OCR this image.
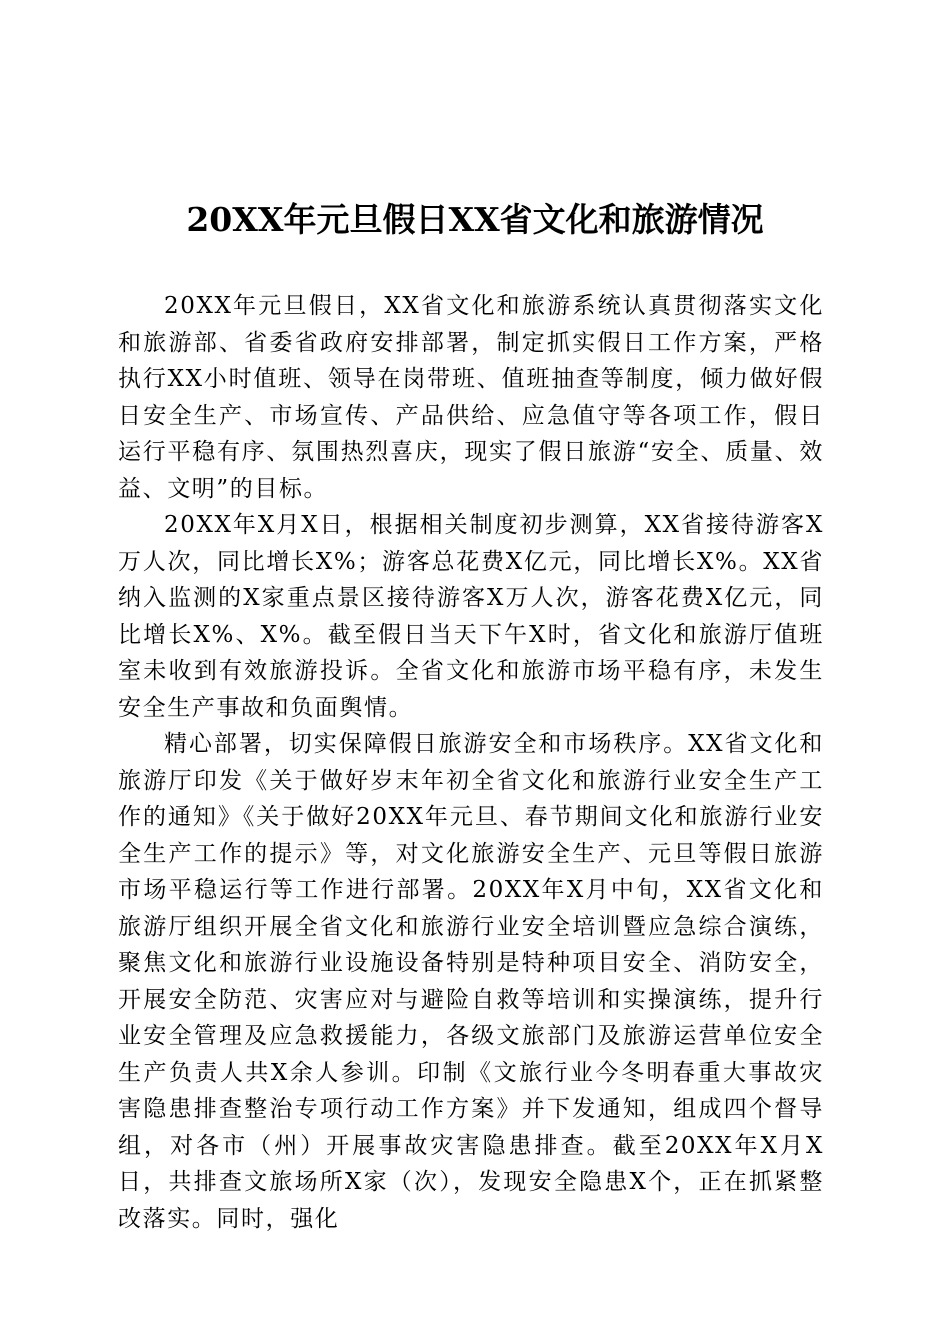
20XX年元旦假日XX省文化和旅游情况

20XX年元旦假日，XX省文化和旅游系统认真贯彻落实文化和旅游部、省委省政府安排部署，制定抓实假日工作方案，严格执行XX小时值班、领导在岗带班、值班抽查等制度，倾力做好假日安全生产、市场宣传、产品供给、应急值守等各项工作，假日运行平稳有序、氛围热烈喜庆，现实了假日旅游“安全、质量、效益、文明”的目标。

20XX年X月X日，根据相关制度初步测算，XX省接待游客X万人次，同比增长X%；游客总花费X亿元，同比增长X%。XX省纳入监测的X家重点景区接待游客X万人次，游客花费X亿元，同比增长X%、X%。截至假日当天下午X时，省文化和旅游厅值班室未收到有效旅游投诉。全省文化和旅游市场平稳有序，未发生安全生产事故和负面舆情。

精心部署，切实保障假日旅游安全和市场秩序。XX省文化和旅游厅印发《关于做好岁末年初全省文化和旅游行业安全生产工作的通知》《关于做好20XX年元旦、春节期间文化和旅游行业安全生产工作的提示》等，对文化旅游安全生产、元旦等假日旅游市场平稳运行等工作进行部署。20XX年X月中旬，XX省文化和旅游厅组织开展全省文化和旅游行业安全培训暨应急综合演练，聚焦文化和旅游行业设施设备特别是特种项目安全、消防安全，开展安全防范、灾害应对与避险自救等培训和实操演练，提升行业安全管理及应急救援能力，各级文旅部门及旅游运营单位安全生产负责人共X余人参训。印制《文旅行业今冬明春重大事故灾害隐患排查整治专项行动工作方案》并下发通知，组成四个督导组，对各市（州）开展事故灾害隐患排查。截至20XX年X月X日，共排查文旅场所X家（次），发现安全隐患X个，正在抓紧整改落实。同时，强化
